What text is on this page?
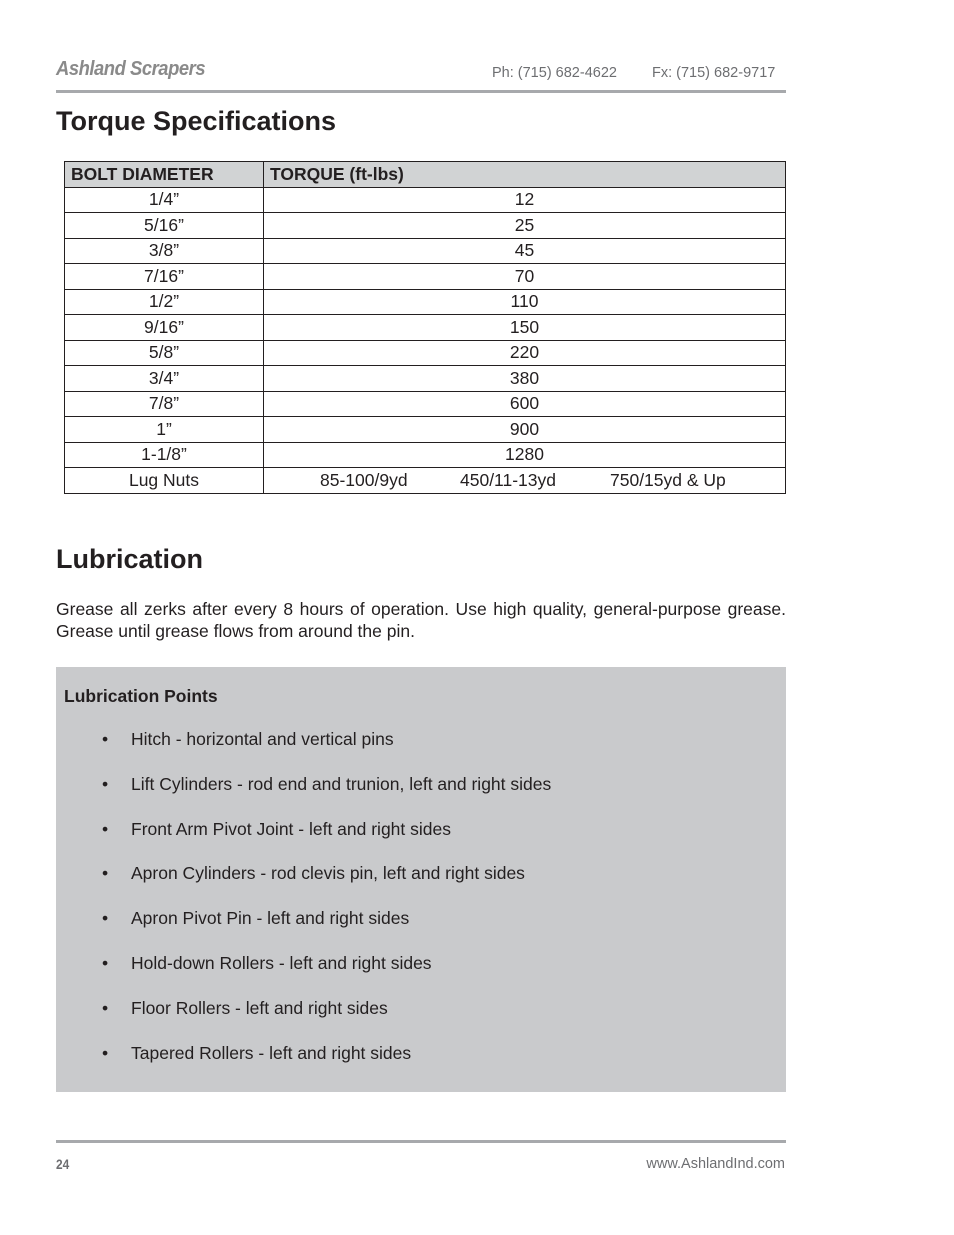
Ashland Scrapers	Ph: (715) 682-4622 Fx: (715) 682-9717
Torque Specifications
BOLT DIAMETER	TORQUE (ft-lbs)
1/4”	12
5/16”	25
3/8”	45
7/16”	70
1/2”	110
9/16”	150
5/8”	220
3/4”	380
7/8”	600
1”	900
1-1/8”	1280
Lug Nuts	85-100/9yd 450/11-13yd 750/15yd & Up
Lubrication
Grease all zerks after every 8 hours of operation. Use high quality, general-purpose grease. Grease until grease flows from around the pin.
Lubrication Points
• Hitch - horizontal and vertical pins
• Lift Cylinders - rod end and trunion, left and right sides
• Front Arm Pivot Joint - left and right sides
• Apron Cylinders - rod clevis pin, left and right sides
• Apron Pivot Pin - left and right sides
• Hold-down Rollers - left and right sides
• Floor Rollers - left and right sides
• Tapered Rollers - left and right sides
24	www.AshlandInd.com
